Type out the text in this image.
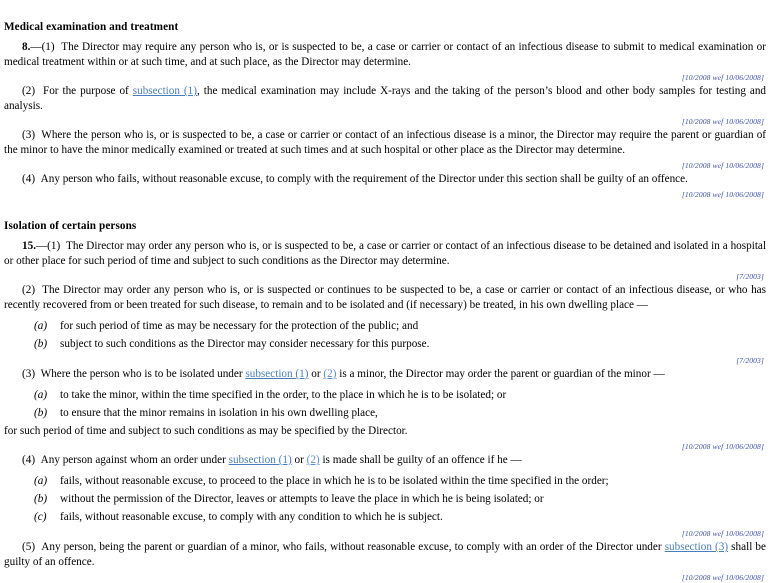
Medical examination and treatment

8.—(1) The Director may require any person who is, or is suspected to be, a case or carrier or contact of an infectious disease to submit to medical examination or medical treatment within or at such time, and at such place, as the Director may determine.

[10/2008 wef 10/06/2008]

(2) For the purpose of subsection (1), the medical examination may include X-rays and the taking of the person’s blood and other body samples for testing and analysis.

[10/2008 wef 10/06/2008]

(3) Where the person who is, or is suspected to be, a case or carrier or contact of an infectious disease is a minor, the Director may require the parent or guardian of the minor to have the minor medically examined or treated at such times and at such hospital or other place as the Director may determine.

[10/2008 wef 10/06/2008]

(4) Any person who fails, without reasonable excuse, to comply with the requirement of the Director under this section shall be guilty of an offence.

[10/2008 wef 10/06/2008]
Isolation of certain persons

15.—(1) The Director may order any person who is, or is suspected to be, a case or carrier or contact of an infectious disease to be detained and isolated in a hospital or other place for such period of time and subject to such conditions as the Director may determine.

[7/2003]

(2) The Director may order any person who is, or is suspected or continues to be suspected to be, a case or carrier or contact of an infectious disease, or who has recently recovered from or been treated for such disease, to remain and to be isolated and (if necessary) be treated, in his own dwelling place —

(a)	for such period of time as may be necessary for the protection of the public; and
(b)	subject to such conditions as the Director may consider necessary for this purpose.
[7/2003]

(3) Where the person who is to be isolated under subsection (1) or (2) is a minor, the Director may order the parent or guardian of the minor —

(a)	to take the minor, within the time specified in the order, to the place in which he is to be isolated; or
(b)	to ensure that the minor remains in isolation in his own dwelling place,

for such period of time and subject to such conditions as may be specified by the Director.

[10/2008 wef 10/06/2008]

(4) Any person against whom an order under subsection (1) or (2) is made shall be guilty of an offence if he —

(a)	fails, without reasonable excuse, to proceed to the place in which he is to be isolated within the time specified in the order;
(b)	without the permission of the Director, leaves or attempts to leave the place in which he is being isolated; or
(c)	fails, without reasonable excuse, to comply with any condition to which he is subject.
[10/2008 wef 10/06/2008]

(5) Any person, being the parent or guardian of a minor, who fails, without reasonable excuse, to comply with an order of the Director under subsection (3) shall be guilty of an offence.

[10/2008 wef 10/06/2008]
